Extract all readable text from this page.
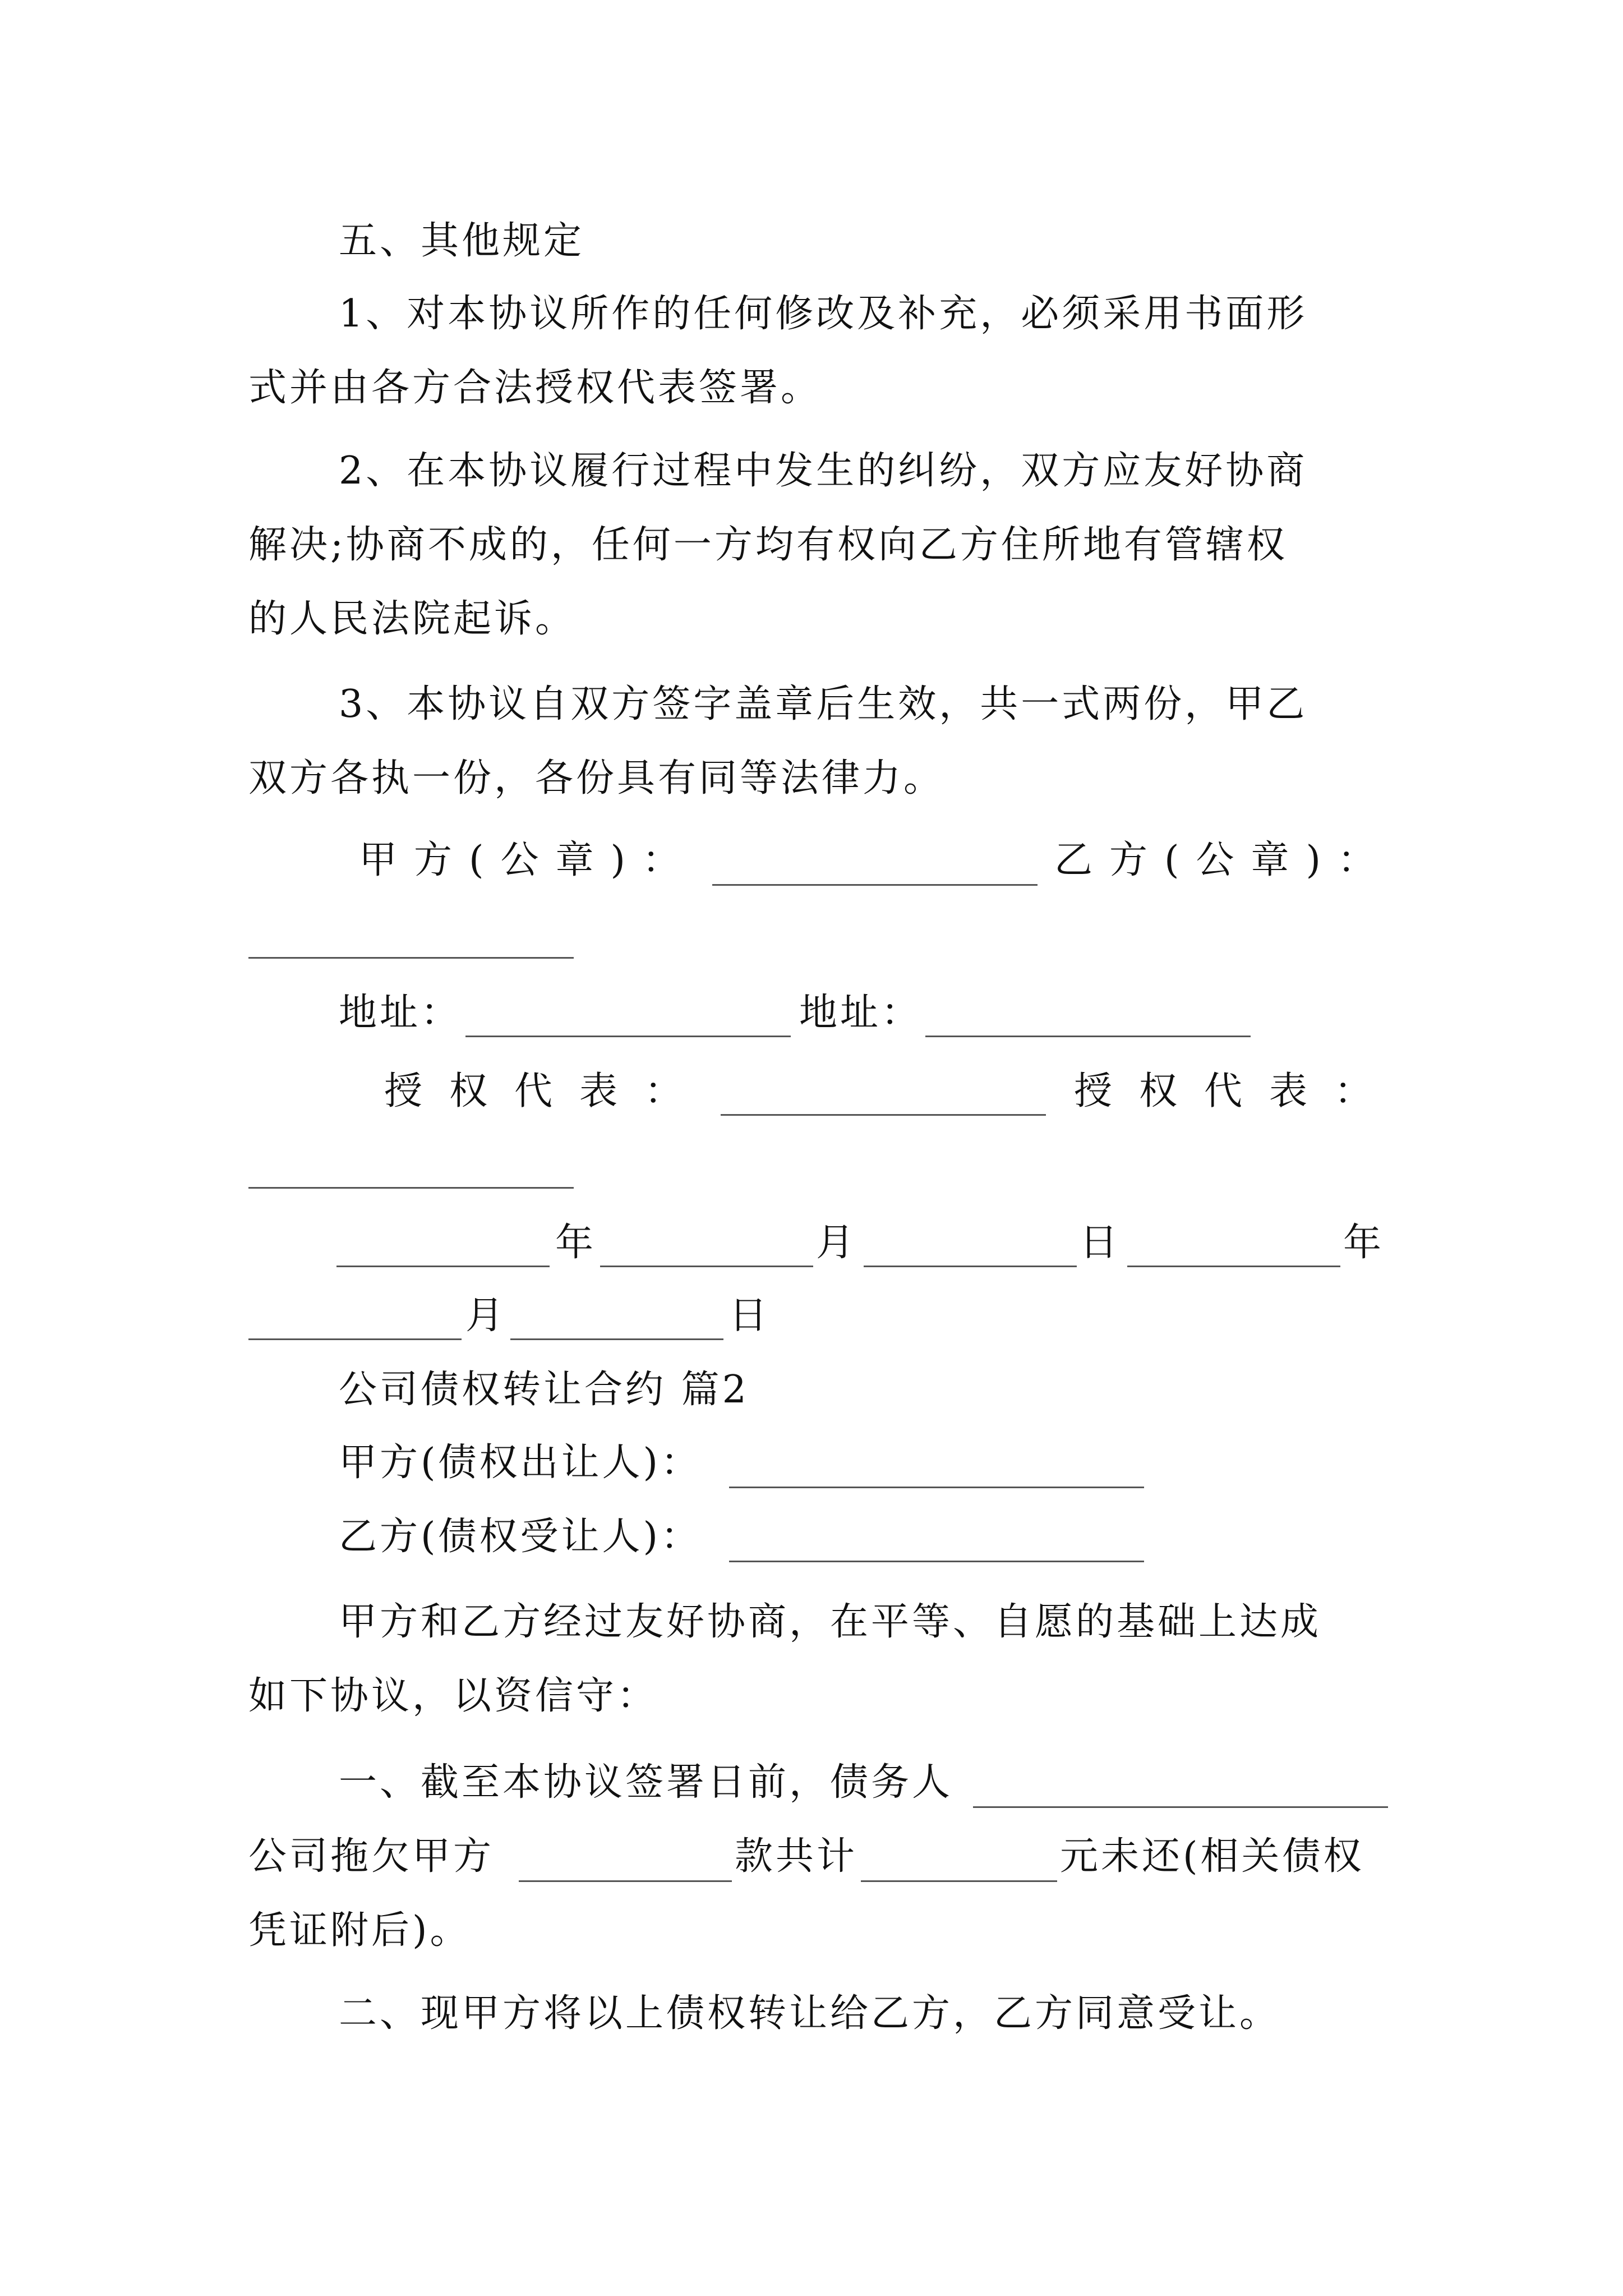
五、其他规定
1、对本协议所作的任何修改及补充，必须采用书面形
式并由各方合法授权代表签署。
2、在本协议履行过程中发生的纠纷，双方应友好协商
解决;协商不成的，任何一方均有权向乙方住所地有管辖权
的人民法院起诉。
3、本协议自双方签字盖章后生效，共一式两份，甲乙
双方各执一份，各份具有同等法律力。
甲方(公章)：	乙方(公章)：
地址：	地址：
授权代表：	授权代表：
年	月	日	年
月	日
公司债权转让合约 篇2
甲方(债权出让人)：
乙方(债权受让人)：
甲方和乙方经过友好协商，在平等、自愿的基础上达成
如下协议，以资信守：
一、截至本协议签署日前，债务人
公司拖欠甲方	款共计	元未还(相关债权
凭证附后)。
二、现甲方将以上债权转让给乙方，乙方同意受让。
